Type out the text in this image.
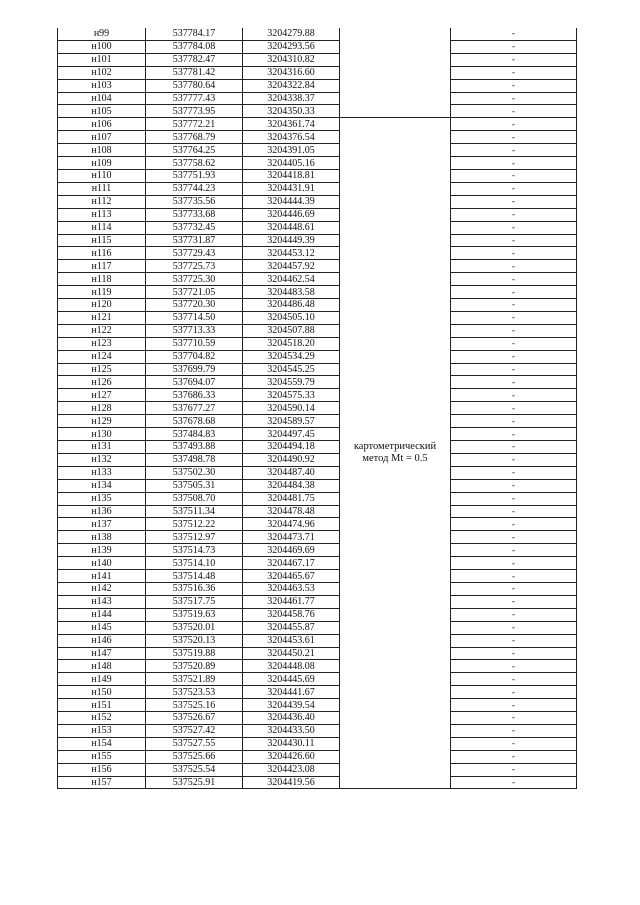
н99	537784.17	3204279.88		-
н100	537784.08	3204293.56		-
н101	537782.47	3204310.82		-
н102	537781.42	3204316.60		-
н103	537780.64	3204322.84		-
н104	537777.43	3204338.37		-
н105	537773.95	3204350.33		-
н106	537772.21	3204361.74	картометрический метод Mt = 0.5	-
н107	537768.79	3204376.54		-
н108	537764.25	3204391.05		-
н109	537758.62	3204405.16		-
н110	537751.93	3204418.81		-
н111	537744.23	3204431.91		-
н112	537735.56	3204444.39		-
н113	537733.68	3204446.69		-
н114	537732.45	3204448.61		-
н115	537731.87	3204449.39		-
н116	537729.43	3204453.12		-
н117	537725.73	3204457.92		-
н118	537725.30	3204462.54		-
н119	537721.05	3204483.58		-
н120	537720.30	3204486.48		-
н121	537714.50	3204505.10		-
н122	537713.33	3204507.88		-
н123	537710.59	3204518.20		-
н124	537704.82	3204534.29		-
н125	537699.79	3204545.25		-
н126	537694.07	3204559.79		-
н127	537686.33	3204575.33		-
н128	537677.27	3204590.14		-
н129	537678.68	3204589.57		-
н130	537484.83	3204497.45		-
н131	537493.88	3204494.18		-
н132	537498.78	3204490.92		-
н133	537502.30	3204487.40		-
н134	537505.31	3204484.38		-
н135	537508.70	3204481.75		-
н136	537511.34	3204478.48		-
н137	537512.22	3204474.96		-
н138	537512.97	3204473.71		-
н139	537514.73	3204469.69		-
н140	537514.10	3204467.17		-
н141	537514.48	3204465.67		-
н142	537516.36	3204463.53		-
н143	537517.75	3204461.77		-
н144	537519.63	3204458.76		-
н145	537520.01	3204455.87		-
н146	537520.13	3204453.61		-
н147	537519.88	3204450.21		-
н148	537520.89	3204448.08		-
н149	537521.89	3204445.69		-
н150	537523.53	3204441.67		-
н151	537525.16	3204439.54		-
н152	537526.67	3204436.40		-
н153	537527.42	3204433.50		-
н154	537527.55	3204430.11		-
н155	537525.66	3204426.60		-
н156	537525.54	3204423.08		-
н157	537525.91	3204419.56		-
